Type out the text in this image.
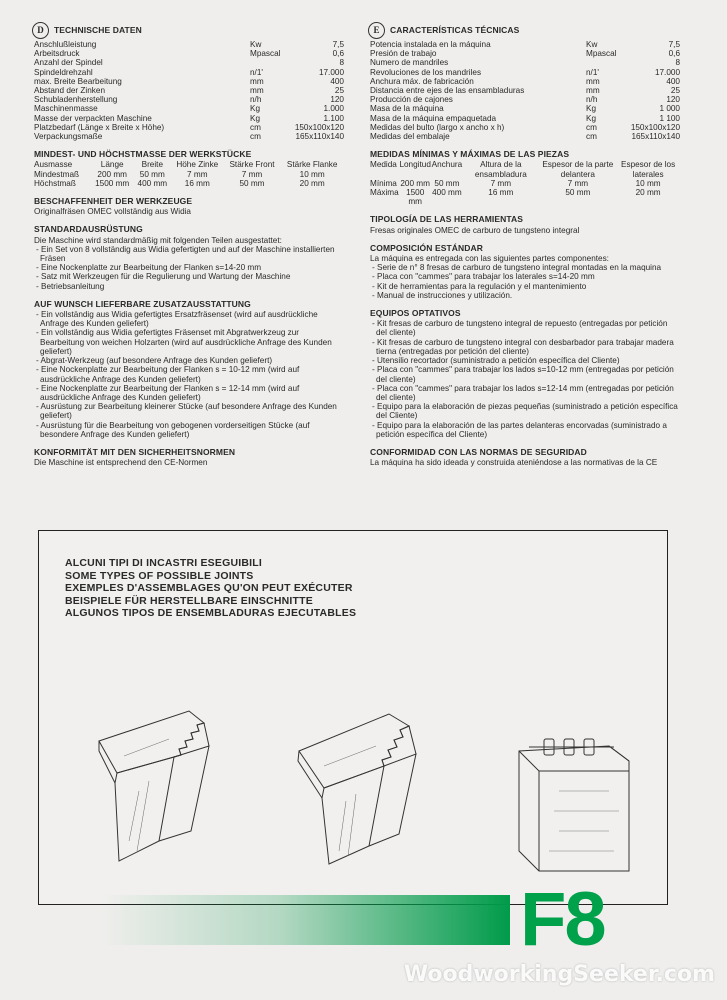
D	TECHNISCHE DATEN
Anschlußleistung	Kw	7,5
Arbeitsdruck	Mpascal	0,6
Anzahl der Spindel		8
Spindeldrehzahl	n/1'	17.000
max. Breite Bearbeitung	mm	400
Abstand der Zinken	mm	25
Schubladenherstellung	n/h	120
Maschinenmasse	Kg	1.000
Masse der verpackten Maschine	Kg	1.100
Platzbedarf (Länge x Breite x Höhe)	cm	150x100x120
Verpackungsmaße	cm	165x110x140
MINDEST- UND HÖCHSTMASSE DER WERKSTÜCKE
Ausmasse	Länge	Breite	Höhe Zinke	Stärke Front	Stärke Flanke
Mindestmaß	200 mm	50 mm	7 mm	7 mm	10 mm
Höchstmaß	1500 mm	400 mm	16 mm	50 mm	20 mm
BESCHAFFENHEIT DER WERKZEUGE
Originalfräsen OMEC vollständig aus Widia
STANDARDAUSRÜSTUNG
Die Maschine wird standardmäßig mit folgenden Teilen ausgestattet:
- Ein Set von 8 vollständig aus Widia gefertigten und auf der Maschine installierten Fräsen
- Eine Nockenplatte zur Bearbeitung der Flanken s=14-20 mm
- Satz mit Werkzeugen für die Regulierung und Wartung der Maschine
- Betriebsanleitung
AUF WUNSCH LIEFERBARE ZUSATZAUSSTATTUNG
- Ein vollständig aus Widia gefertigtes Ersatzfräsenset (wird auf ausdrückliche Anfrage des Kunden geliefert)
- Ein vollständig aus Widia gefertigtes Fräsenset mit Abgratwerkzeug zur Bearbeitung von weichen Holzarten (wird auf ausdrückliche Anfrage des Kunden geliefert)
- Abgrat-Werkzeug (auf besondere Anfrage des Kunden geliefert)
- Eine Nockenplatte zur Bearbeitung der Flanken s = 10-12 mm (wird auf ausdrückliche Anfrage des Kunden geliefert)
- Eine Nockenplatte zur Bearbeitung der Flanken s = 12-14 mm (wird auf ausdrückliche Anfrage des Kunden geliefert)
- Ausrüstung zur Bearbeitung kleinerer Stücke (auf besondere Anfrage des Kunden geliefert)
- Ausrüstung für die Bearbeitung von gebogenen vorderseitigen Stücke (auf besondere Anfrage des Kunden geliefert)
KONFORMITÄT MIT DEN SICHERHEITSNORMEN
Die Maschine ist entsprechend den CE-Normen
E	CARACTERÍSTICAS TÉCNICAS
Potencia instalada en la máquina	Kw	7,5
Presión de trabajo	Mpascal	0,6
Numero de mandriles		8
Revoluciones de los mandriles	n/1'	17.000
Anchura máx. de fabricación	mm	400
Distancia entre ejes de las ensambladuras	mm	25
Producción de cajones	n/h	120
Masa de la máquina	Kg	1 000
Masa de la máquina empaquetada	Kg	1 100
Medidas del bulto (largo x ancho x h)	cm	150x100x120
Medidas del embalaje	cm	165x110x140
MEDIDAS MÍNIMAS Y MÁXIMAS DE LAS PIEZAS
Medida	Longitud	Anchura	Altura de la ensambladura	Espesor de la parte delantera	Espesor de los laterales
Mínima	200 mm	50 mm	7 mm	7 mm	10 mm
Máxima	1500 mm	400 mm	16 mm	50 mm	20 mm
TIPOLOGÍA DE LAS HERRAMIENTAS
Fresas originales OMEC de carburo de tungsteno integral
COMPOSICIÓN ESTÁNDAR
La máquina es entregada con las siguientes partes componentes:
- Serie de n° 8 fresas de carburo de tungsteno integral montadas en la maquina
- Placa con "cammes" para trabajar los laterales s=14-20 mm
- Kit de herramientas para la regulación y el mantenimiento
- Manual de instrucciones y utilización.
EQUIPOS OPTATIVOS
- Kit fresas de carburo de tungsteno integral de repuesto (entregadas por petición del cliente)
- Kit fresas de carburo de tungsteno integral con desbarbador para trabajar madera tierna (entregadas por petición del cliente)
- Utensilio recortador (suministrado a petición específica del Cliente)
- Placa con "cammes" para trabajar los lados s=10-12 mm (entregadas por petición del cliente)
- Placa con "cammes" para trabajar los lados s=12-14 mm (entregadas por petición del cliente)
- Equipo para la elaboración de piezas pequeñas (suministrado a petición específica del Cliente)
- Equipo para la elaboración de las partes delanteras encorvadas (suministrado a petición específica del Cliente)
CONFORMIDAD CON LAS NORMAS DE SEGURIDAD
La máquina ha sido ideada y construida ateniéndose a las normativas de la CE
ALCUNI TIPI DI INCASTRI ESEGUIBILI
SOME TYPES OF POSSIBLE JOINTS
EXEMPLES D'ASSEMBLAGES QU'ON PEUT EXÉCUTER
BEISPIELE FÜR HERSTELLBARE EINSCHNITTE
ALGUNOS TIPOS DE ENSEMBLADURAS EJECUTABLES
F8
WoodworkingSeeker.com
